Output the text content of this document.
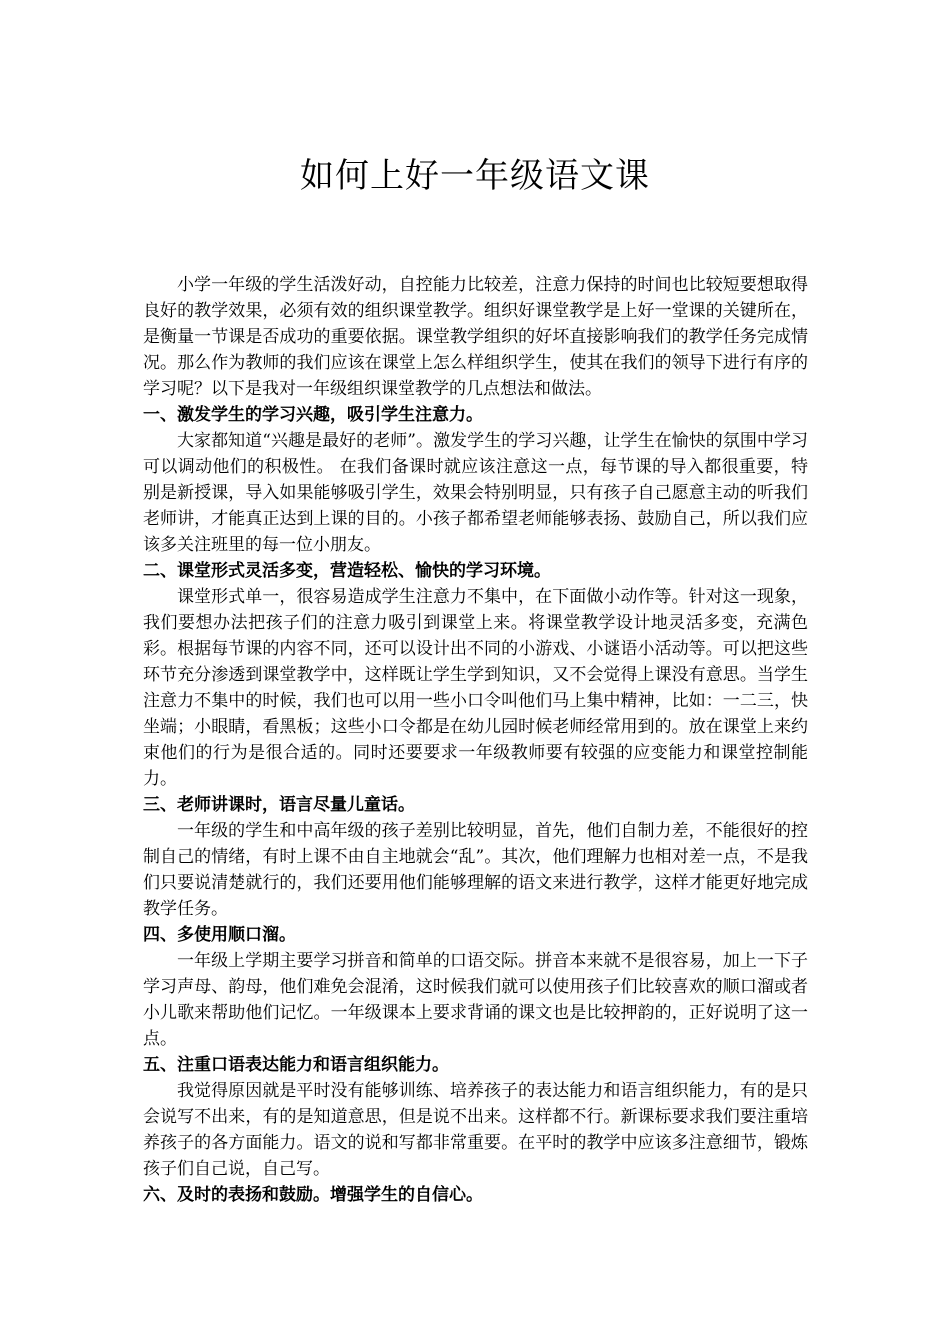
如何上好一年级语文课

小学一年级的学生活泼好动，自控能力比较差，注意力保持的时间也比较短要想取得良好的教学效果，必须有效的组织课堂教学。组织好课堂教学是上好一堂课的关键所在，是衡量一节课是否成功的重要依据。课堂教学组织的好坏直接影响我们的教学任务完成情况。那么作为教师的我们应该在课堂上怎么样组织学生，使其在我们的领导下进行有序的学习呢？以下是我对一年级组织课堂教学的几点想法和做法。

一、激发学生的学习兴趣，吸引学生注意力。

大家都知道“兴趣是最好的老师”。激发学生的学习兴趣，让学生在愉快的氛围中学习可以调动他们的积极性。 在我们备课时就应该注意这一点，每节课的导入都很重要，特别是新授课，导入如果能够吸引学生，效果会特别明显，只有孩子自己愿意主动的听我们老师讲，才能真正达到上课的目的。小孩子都希望老师能够表扬、鼓励自己，所以我们应该多关注班里的每一位小朋友。

二、课堂形式灵活多变，营造轻松、愉快的学习环境。

课堂形式单一，很容易造成学生注意力不集中，在下面做小动作等。针对这一现象，我们要想办法把孩子们的注意力吸引到课堂上来。将课堂教学设计地灵活多变，充满色彩。根据每节课的内容不同，还可以设计出不同的小游戏、小谜语小活动等。可以把这些环节充分渗透到课堂教学中，这样既让学生学到知识，又不会觉得上课没有意思。当学生注意力不集中的时候，我们也可以用一些小口令叫他们马上集中精神，比如：一二三，快坐端；小眼睛，看黑板；这些小口令都是在幼儿园时候老师经常用到的。放在课堂上来约束他们的行为是很合适的。同时还要要求一年级教师要有较强的应变能力和课堂控制能力。

三、老师讲课时，语言尽量儿童话。

一年级的学生和中高年级的孩子差别比较明显，首先，他们自制力差，不能很好的控制自己的情绪，有时上课不由自主地就会“乱”。其次，他们理解力也相对差一点，不是我们只要说清楚就行的，我们还要用他们能够理解的语文来进行教学，这样才能更好地完成教学任务。

四、多使用顺口溜。

一年级上学期主要学习拼音和简单的口语交际。拼音本来就不是很容易，加上一下子学习声母、韵母，他们难免会混淆，这时候我们就可以使用孩子们比较喜欢的顺口溜或者小儿歌来帮助他们记忆。一年级课本上要求背诵的课文也是比较押韵的，正好说明了这一点。

五、注重口语表达能力和语言组织能力。

我觉得原因就是平时没有能够训练、培养孩子的表达能力和语言组织能力，有的是只会说写不出来，有的是知道意思，但是说不出来。这样都不行。新课标要求我们要注重培养孩子的各方面能力。语文的说和写都非常重要。在平时的教学中应该多注意细节，锻炼孩子们自己说，自己写。

六、及时的表扬和鼓励。增强学生的自信心。
